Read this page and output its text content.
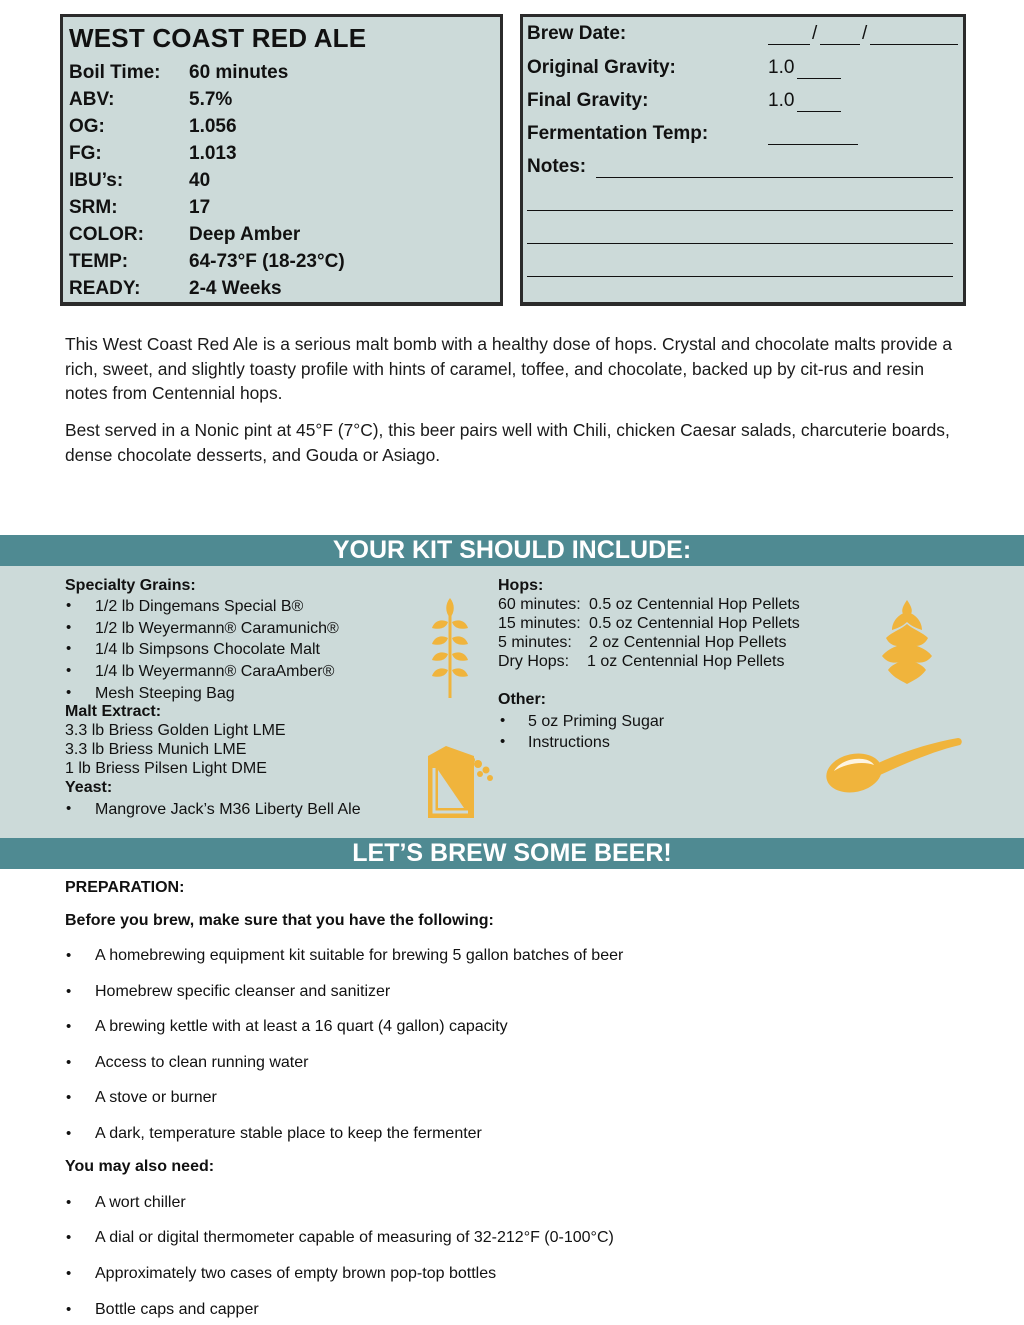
WEST COAST RED ALE
Boil Time: 60 minutes
ABV:	5.7%
OG:	1.056
FG:	1.013
IBU’s:	40
SRM:	17
COLOR: Deep Amber
TEMP:	64-73°F (18-23°C)
READY:	2-4 Weeks
Brew Date:	/ /
Original Gravity:	1.0
Final Gravity:	1.0
Fermentation Temp:
Notes:
This West Coast Red Ale is a serious malt bomb with a healthy dose of hops. Crystal and chocolate malts provide a rich, sweet, and slightly toasty profile with hints of caramel, toffee, and chocolate, backed up by cit-rus and resin notes from Centennial hops.
Best served in a Nonic pint at 45°F (7°C), this beer pairs well with Chili, chicken Caesar salads, charcuterie boards, dense chocolate desserts, and Gouda or Asiago.
YOUR KIT SHOULD INCLUDE:
Specialty Grains:
• 1/2 lb Dingemans Special B®
• 1/2 lb Weyermann® Caramunich®
• 1/4 lb Simpsons Chocolate Malt
• 1/4 lb Weyermann® CaraAmber®
• Mesh Steeping Bag
Malt Extract:
3.3 lb Briess Golden Light LME
3.3 lb Briess Munich LME
1 lb Briess Pilsen Light DME
Yeast:
• Mangrove Jack’s M36 Liberty Bell Ale
Hops:
60 minutes: 0.5 oz Centennial Hop Pellets
15 minutes: 0.5 oz Centennial Hop Pellets
5 minutes: 2 oz Centennial Hop Pellets
Dry Hops: 1 oz Centennial Hop Pellets
Other:
• 5 oz Priming Sugar
• Instructions
LET’S BREW SOME BEER!
PREPARATION:
Before you brew, make sure that you have the following:
• A homebrewing equipment kit suitable for brewing 5 gallon batches of beer
• Homebrew specific cleanser and sanitizer
• A brewing kettle with at least a 16 quart (4 gallon) capacity
• Access to clean running water
• A stove or burner
• A dark, temperature stable place to keep the fermenter
You may also need:
• A wort chiller
• A dial or digital thermometer capable of measuring of 32-212°F (0-100°C)
• Approximately two cases of empty brown pop-top bottles
• Bottle caps and capper
